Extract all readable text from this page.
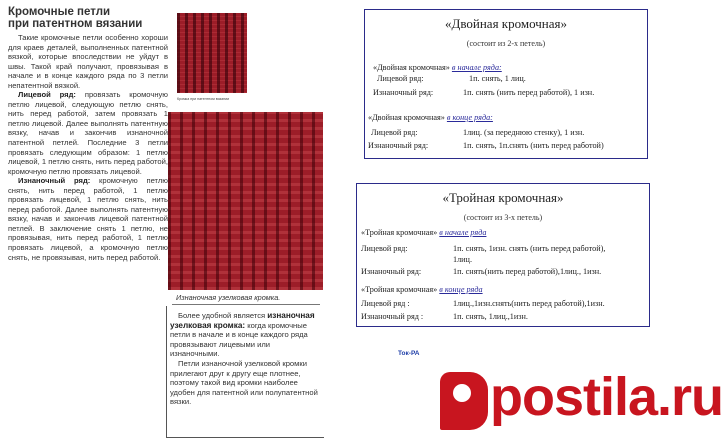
Кромочные петли
при патентном вязании

Такие кромочные петли особенно хороши для краев деталей, выполненных патентной вязкой, которые впоследствии не уйдут в швы. Такой край получают, провязывая в начале и в конце каждого ряда по 3 петли непатентной вязкой.

Лицевой ряд: провязать кромочную петлю лицевой, следующую петлю снять, нить перед работой, затем провязать 1 петлю лицевой. Далее выполнять патентную вязку, начав и закончив изнаночной патентной петлей. Последние 3 петли провязать следующим образом: 1 петлю лицевой, 1 петлю снять, нить перед работой, кромочную петлю провязать лицевой.

Изнаночный ряд: кромочную петлю снять, нить перед работой, 1 петлю провязать лицевой, 1 петлю снять, нить перед работой. Далее выполнять патентную вязку, начав и закончив лицевой патентной петлей. В заключение снять 1 петлю, не провязывая, нить перед работой, 1 петлю провязать лицевой, а кромочную петлю снять, не провязывая, нить перед работой.

Кромка при патентном вязании
Изнаночная узелковая кромка.

Более удобной является изнаночная узелковая кромка: когда кромочные петли в начале и в конце каждого ряда провязывают лицевыми или изнаночными.

Петли изнаночной узелковой кромки прилегают друг к другу еще плотнее, поэтому такой вид кромки наиболее удобен для патентной или полупатентной вязки.

«Двойная кромочная»
(состоит из 2-х петель)
«Двойная кромочная» в начале ряда:
Лицевой ряд:	1п. снять, 1 лиц.
Изнаночный ряд:	1п. снять (нить перед работой), 1 изн.
«Двойная кромочная» в конце ряда:
Лицевой ряд:	1лиц. (за переднюю стенку), 1 изн.
Изнаночный ряд:	1п. снять, 1п.снять (нить перед работой)
«Тройная кромочная»
(состоит из 3-х петель)
«Тройная кромочная» в начале ряда
Лицевой ряд:	1п. снять, 1изн. снять (нить перед работой),
1лиц.
Изнаночный ряд:	1п. снять(нить перед работой),1лиц., 1изн.
«Тройная кромочная» в конце ряда
Лицевой ряд :	1лиц.,1изн.снять(нить перед работой),1изн.
Изнаночный ряд :	1п. снять, 1лиц.,1изн.
Ток-РА
postila.ru
